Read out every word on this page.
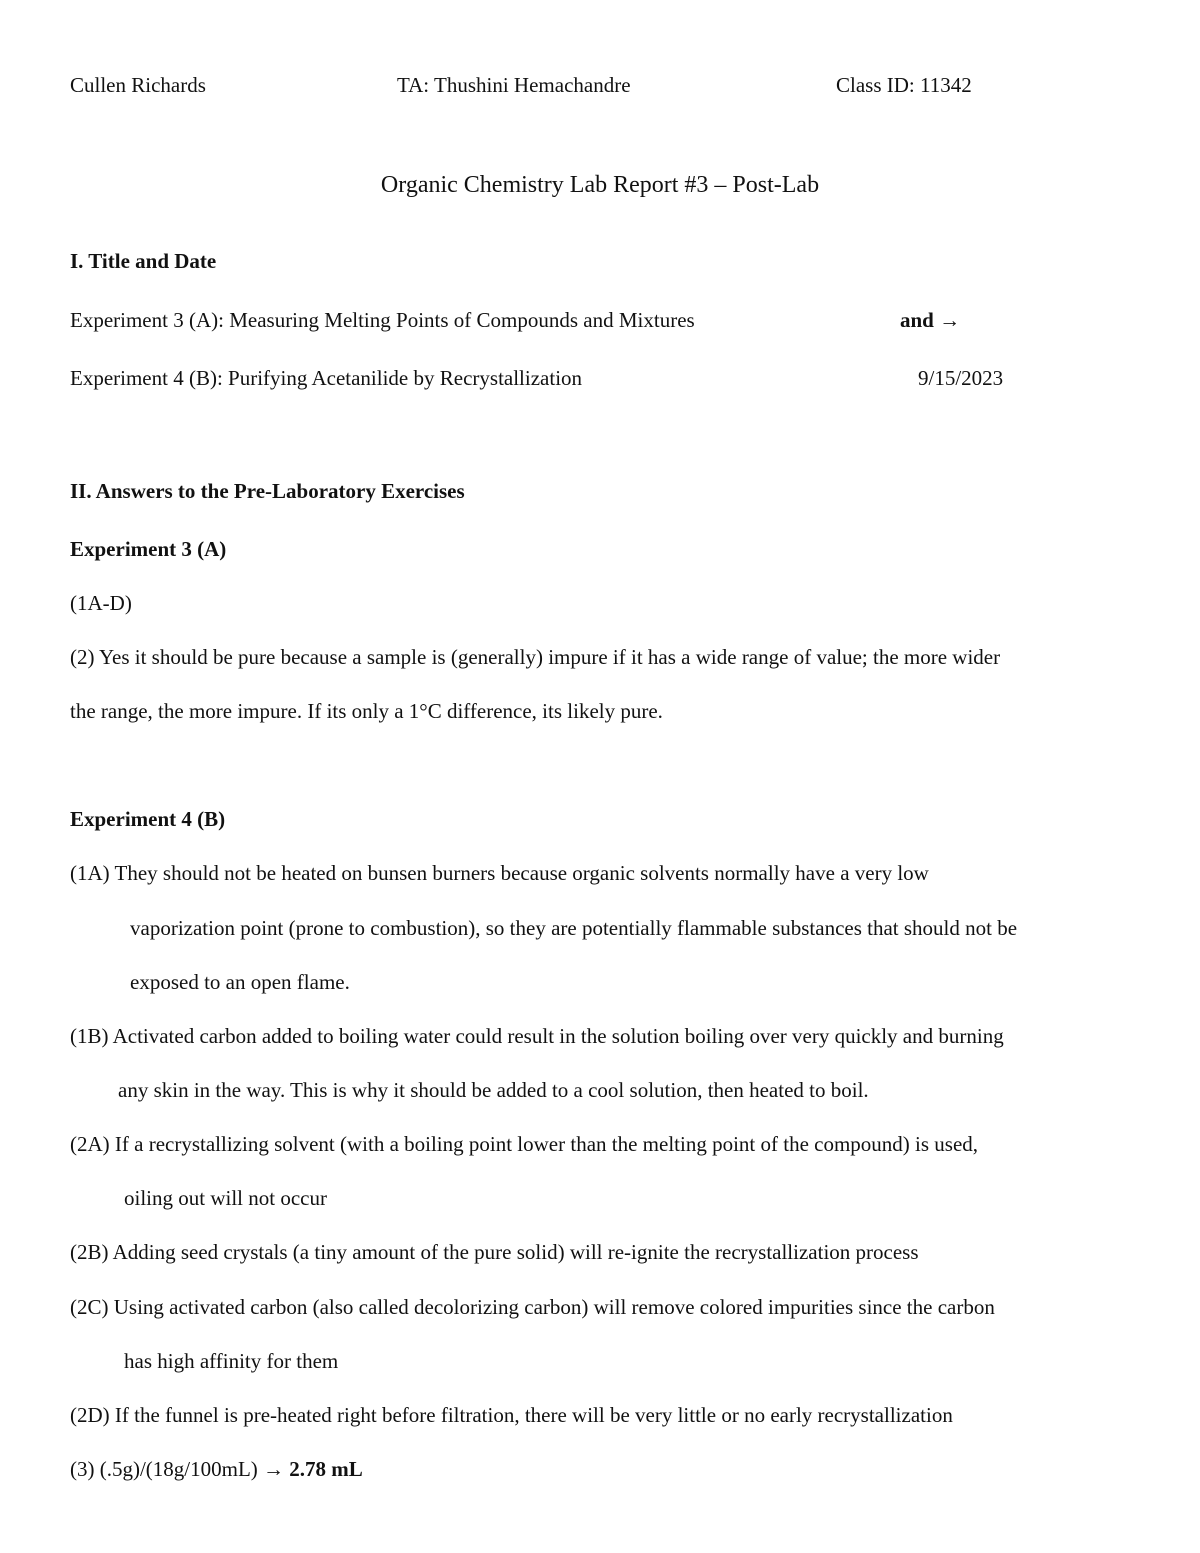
Cullen Richards	TA: Thushini Hemachandre	Class ID: 11342
Organic Chemistry Lab Report #3 – Post-Lab
I. Title and Date
Experiment 3 (A): Measuring Melting Points of Compounds and Mixtures	and →
Experiment 4 (B): Purifying Acetanilide by Recrystallization	9/15/2023
II. Answers to the Pre-Laboratory Exercises
Experiment 3 (A)
(1A-D)
(2) Yes it should be pure because a sample is (generally) impure if it has a wide range of value; the more wider
the range, the more impure. If its only a 1°C difference, its likely pure.
Experiment 4 (B)
(1A) They should not be heated on bunsen burners because organic solvents normally have a very low
vaporization point (prone to combustion), so they are potentially flammable substances that should not be
exposed to an open flame.
(1B) Activated carbon added to boiling water could result in the solution boiling over very quickly and burning
any skin in the way. This is why it should be added to a cool solution, then heated to boil.
(2A) If a recrystallizing solvent (with a boiling point lower than the melting point of the compound) is used,
oiling out will not occur
(2B) Adding seed crystals (a tiny amount of the pure solid) will re-ignite the recrystallization process
(2C) Using activated carbon (also called decolorizing carbon) will remove colored impurities since the carbon
has high affinity for them
(2D) If the funnel is pre-heated right before filtration, there will be very little or no early recrystallization
(3) (.5g)/(18g/100mL) → 2.78 mL
